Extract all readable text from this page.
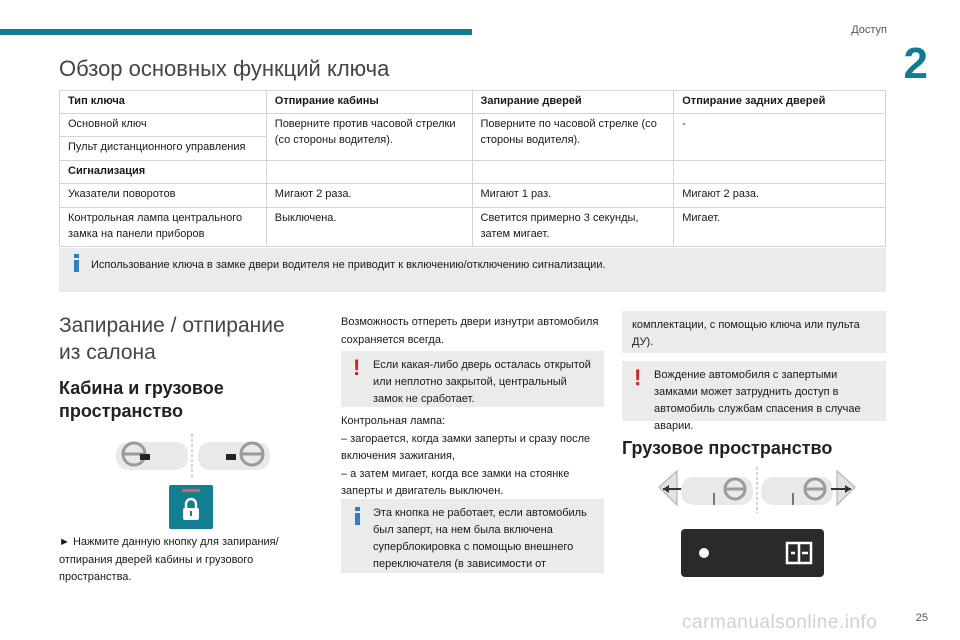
Доступ
2
Обзор основных функций ключа
Тип ключа	Отпирание кабины	Запирание дверей	Отпирание задних дверей
Основной ключ	Поверните против часовой стрелки (со стороны водителя).	Поверните по часовой стрелке (со стороны водителя).	-
Пульт дистанционного управления			
Сигнализация			
Указатели поворотов	Мигают 2 раза.	Мигают 1 раз.	Мигают 2 раза.
Контрольная лампа центрального замка на панели приборов	Выключена.	Светится примерно 3 секунды, затем мигает.	Мигает.
Использование ключа в замке двери водителя не приводит к включению/отключению сигнализации.
Запирание / отпирание из салона
Кабина и грузовое пространство
► Нажмите данную кнопку для запирания/отпирания дверей кабины и грузового пространства.
Возможность отпереть двери изнутри автомобиля сохраняется всегда.
!	Если какая-либо дверь осталась открытой или неплотно закрытой, центральный замок не сработает.
Контрольная лампа:
– загорается, когда замки заперты и сразу после включения зажигания,
– а затем мигает, когда все замки на стоянке заперты и двигатель выключен.
Эта кнопка не работает, если автомобиль был заперт, на нем была включена суперблокировка с помощью внешнего переключателя (в зависимости от
комплектации, с помощью ключа или пульта ДУ).
!	Вождение автомобиля с запертыми замками может затруднить доступ в автомобиль службам спасения в случае аварии.
Грузовое пространство
25
carmanualsonline.info
